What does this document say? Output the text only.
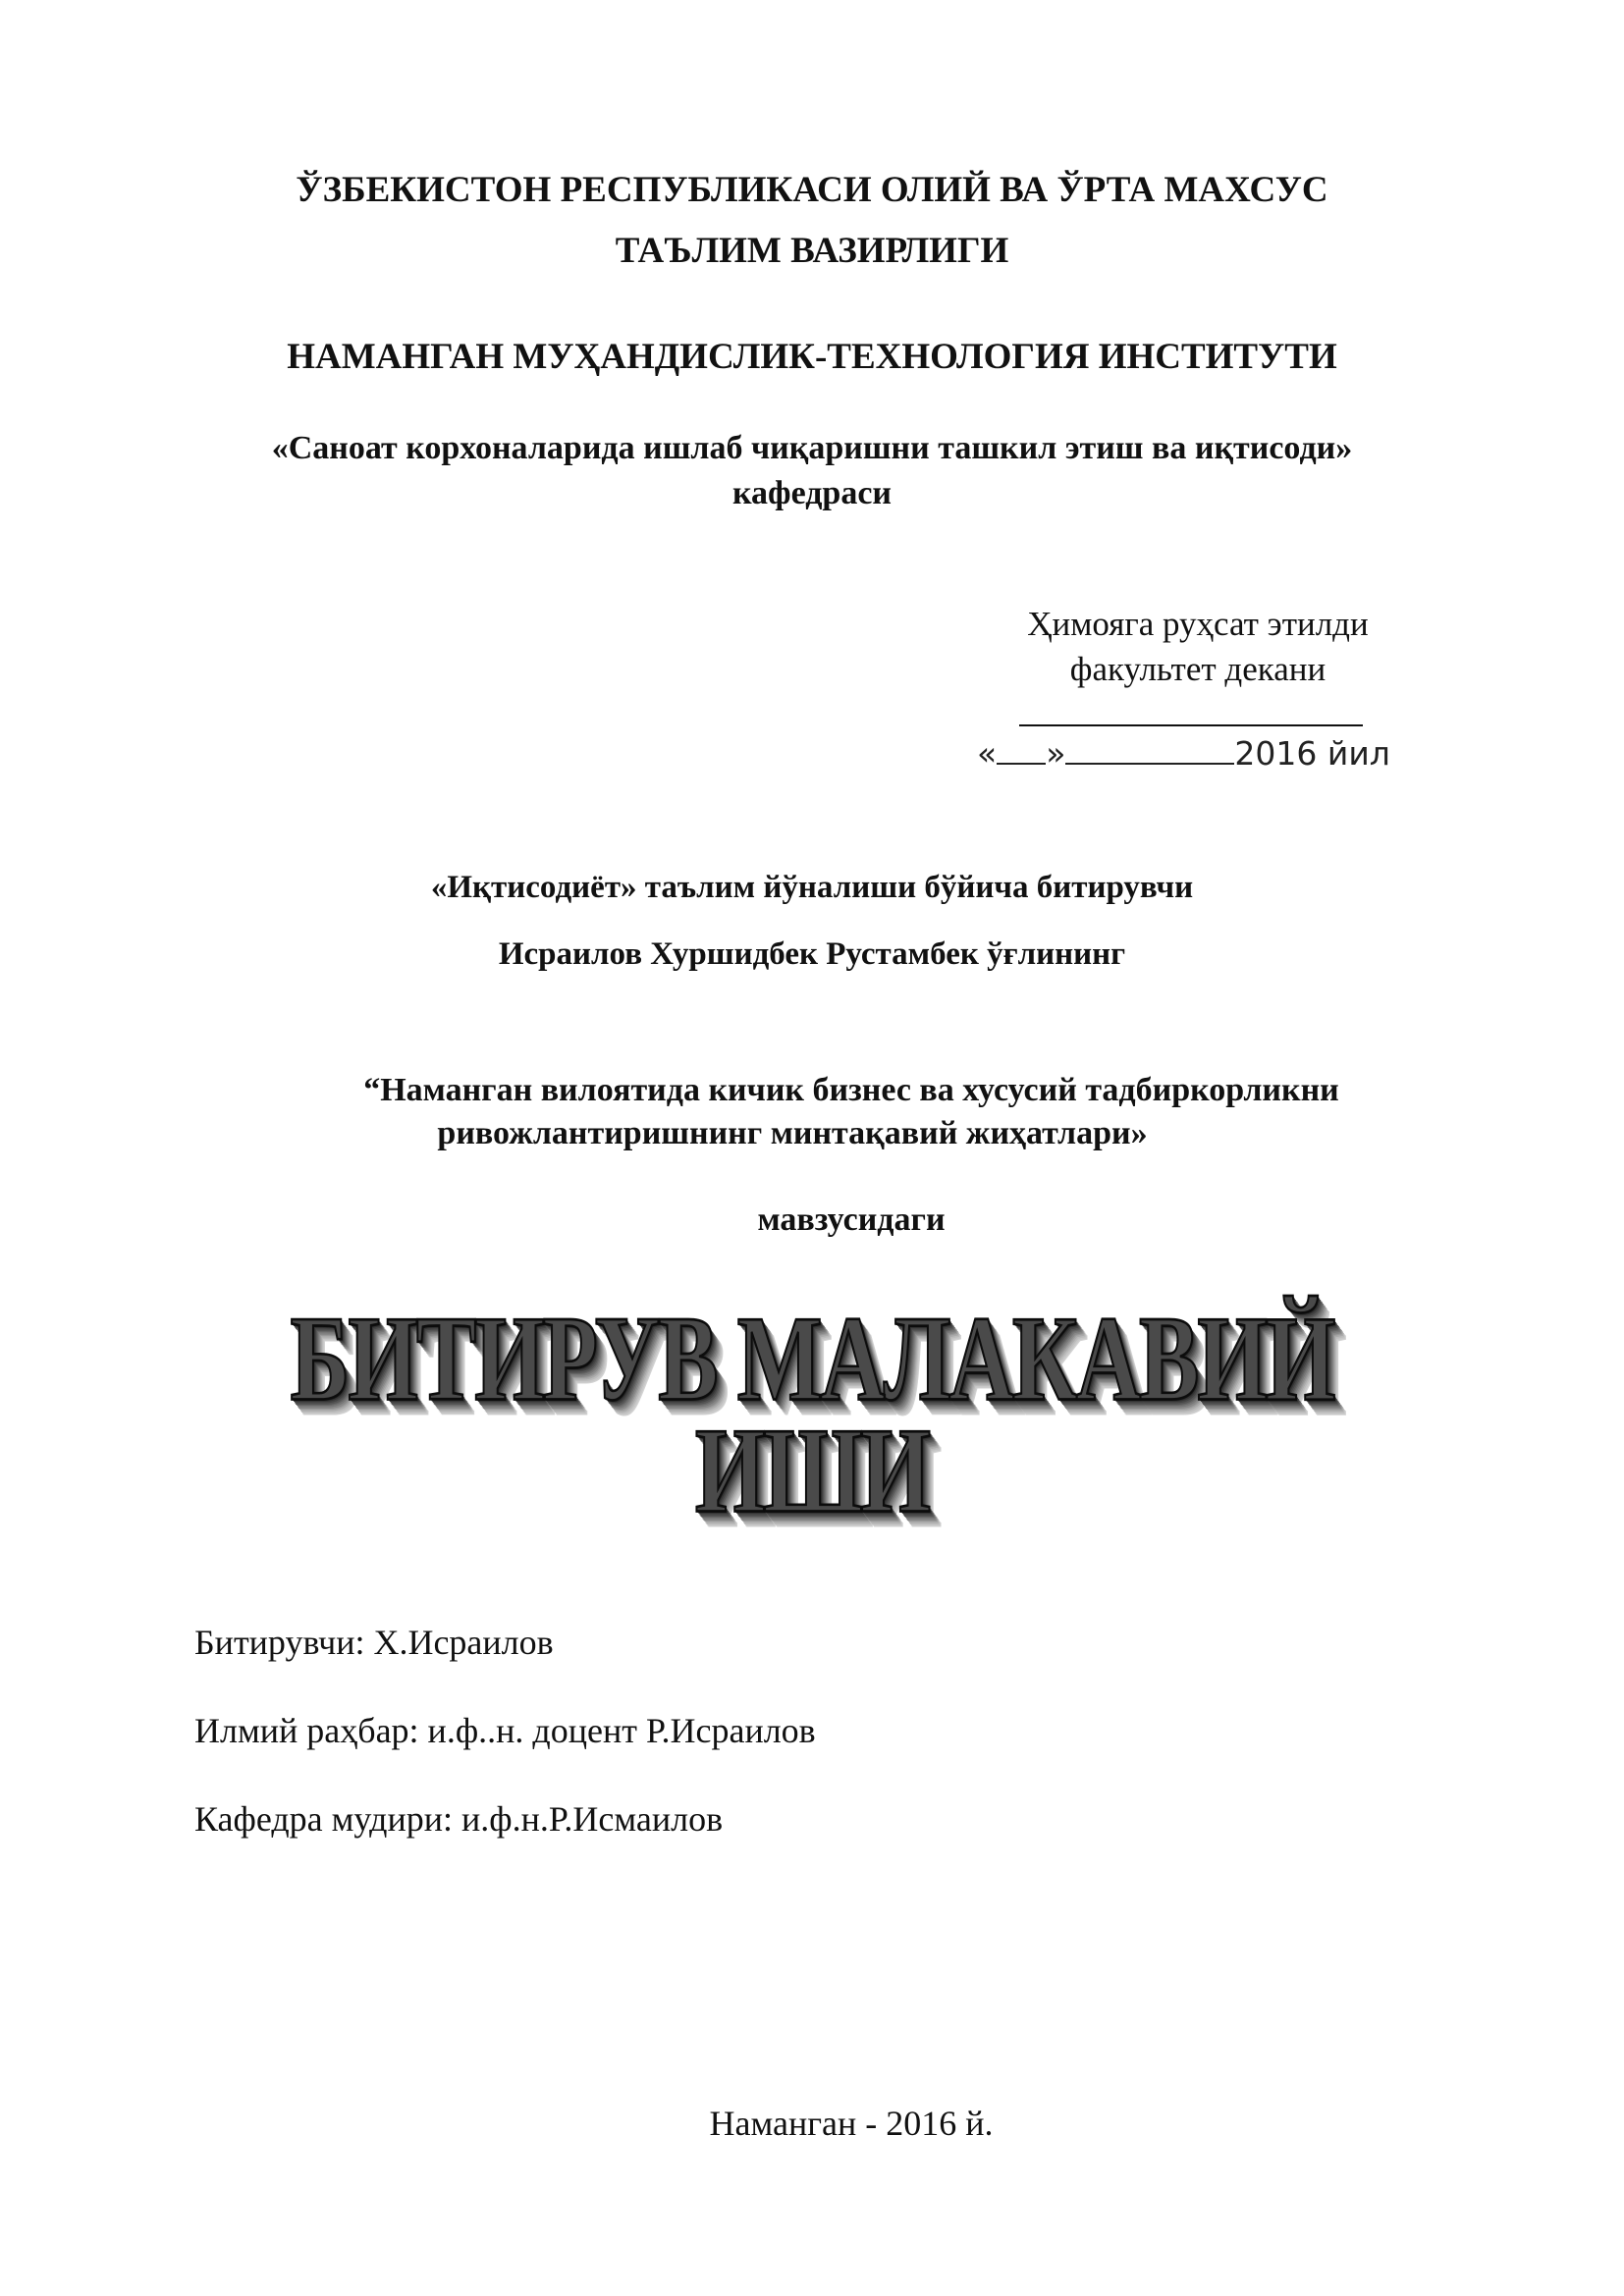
ЎЗБЕКИСТОН РЕСПУБЛИКАСИ ОЛИЙ ВА ЎРТА МАХСУС
ТАЪЛИМ ВАЗИРЛИГИ
НАМАНГАН МУҲАНДИСЛИК-ТЕХНОЛОГИЯ ИНСТИТУТИ
«Саноат корхоналарида ишлаб чиқаришни ташкил этиш ва иқтисоди»
кафедраси
Ҳимояга руҳсат этилди
факультет декани
« »	2016 йил
«Иқтисодиёт» таълим йўналиши бўйича битирувчи
Исраилов Хуршидбек Рустамбек ўғлининг
“Наманган вилоятида кичик бизнес ва хусусий тадбиркорликни
ривожлантиришнинг минтақавий жиҳатлари»
мавзусидаги
БИТИРУВ МАЛАКАВИЙ
ИШИ
Битирувчи: Х.Исраилов
Илмий раҳбар: и.ф..н. доцент Р.Исраилов
Кафедра мудири: и.ф.н.Р.Исмаилов
Наманган - 2016 й.
